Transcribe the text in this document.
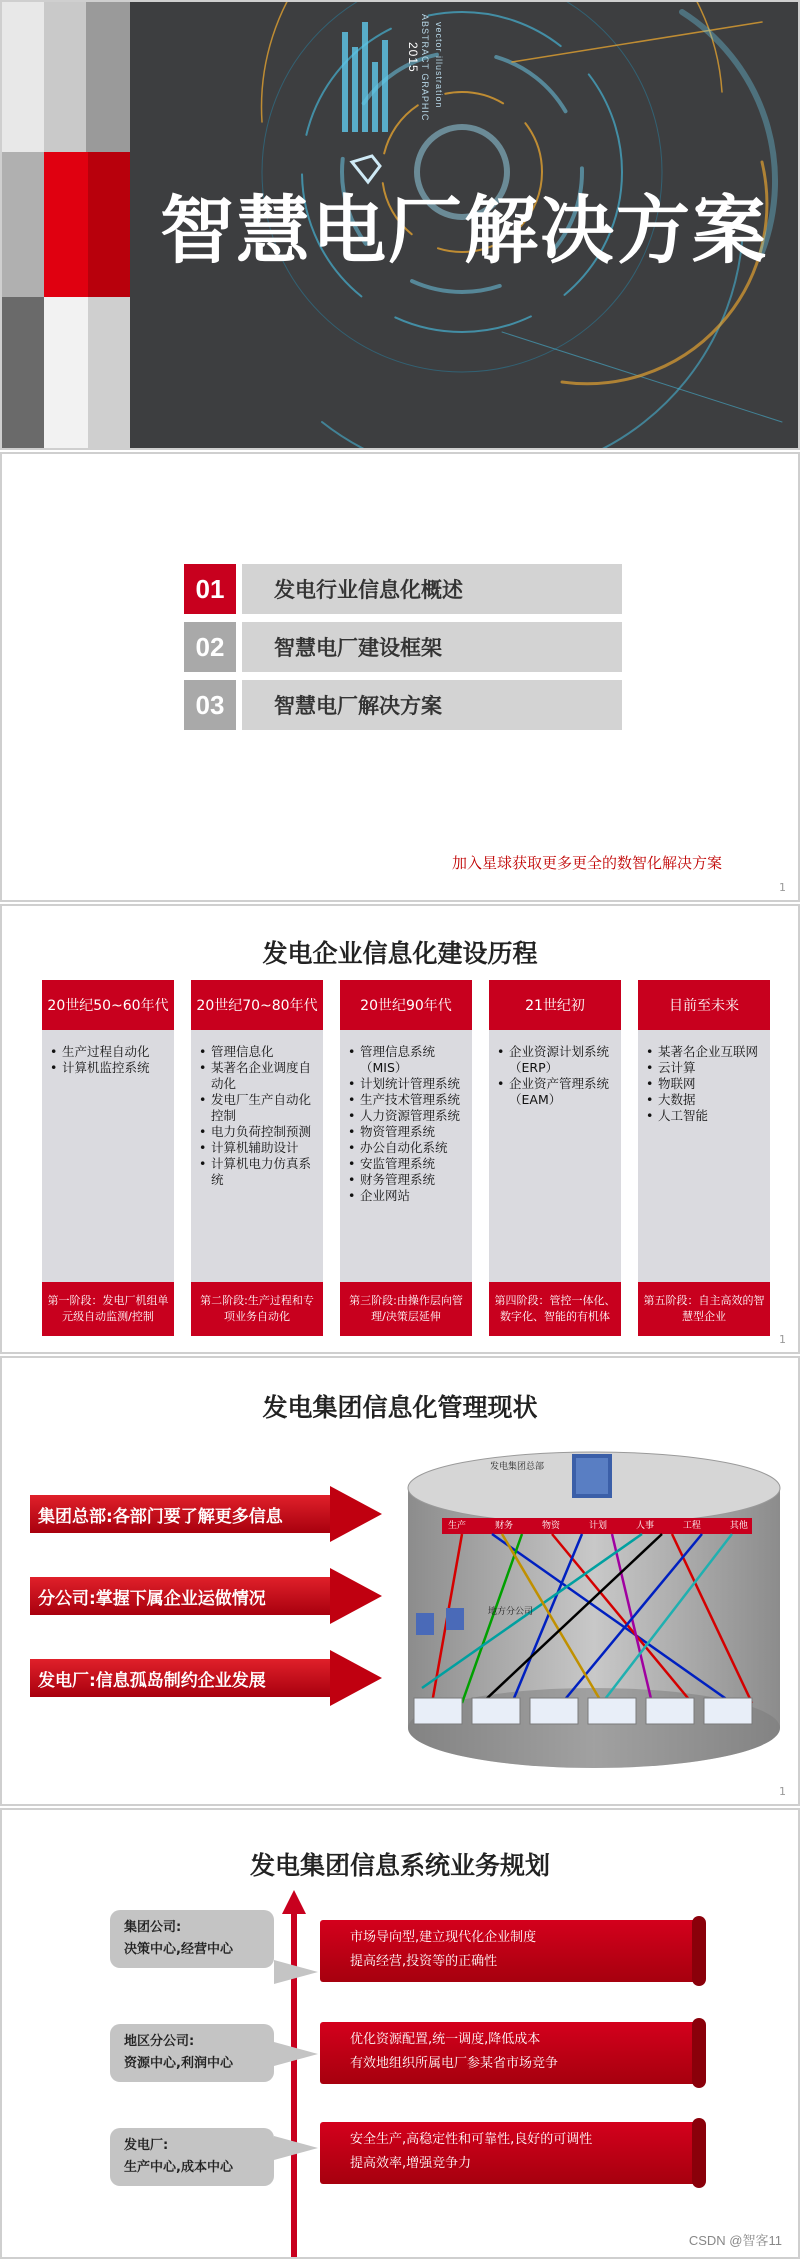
ABSTRACT GRAPHIC vector illustration
2015
智慧电厂解决方案
01	发电行业信息化概述
02	智慧电厂建设框架
03	智慧电厂解决方案
加入星球获取更多更全的数智化解决方案
1
发电企业信息化建设历程
20世纪50~60年代
• 生产过程自动化
• 计算机监控系统
第一阶段：发电厂机组单元级自动监测/控制
20世纪70~80年代
• 管理信息化
• 某著名企业调度自动化
• 发电厂生产自动化控制
• 电力负荷控制预测
• 计算机辅助设计
• 计算机电力仿真系统
第二阶段:生产过程和专项业务自动化
20世纪90年代
• 管理信息系统（MIS）
• 计划统计管理系统
• 生产技术管理系统
• 人力资源管理系统
• 物资管理系统
• 办公自动化系统
• 安监管理系统
• 财务管理系统
• 企业网站
第三阶段:由操作层向管理/决策层延伸
21世纪初
• 企业资源计划系统（ERP）
• 企业资产管理系统（EAM）
第四阶段：管控一体化、数字化、智能的有机体
目前至未来
• 某著名企业互联网
• 云计算
• 物联网
• 大数据
• 人工智能
第五阶段：自主高效的智慧型企业
1
发电集团信息化管理现状
集团总部:各部门要了解更多信息
分公司:掌握下属企业运做情况
发电厂:信息孤岛制约企业发展
发电集团总部
地方分公司
生产	财务	物资	计划	人事	工程	其他
1
发电集团信息系统业务规划
集团公司:
决策中心,经营中心
市场导向型,建立现代化企业制度
提高经营,投资等的正确性
地区分公司:
资源中心,利润中心
优化资源配置,统一调度,降低成本
有效地组织所属电厂参某省市场竞争
发电厂:
生产中心,成本中心
安全生产,高稳定性和可靠性,良好的可调性
提高效率,增强竞争力
CSDN @智客11
